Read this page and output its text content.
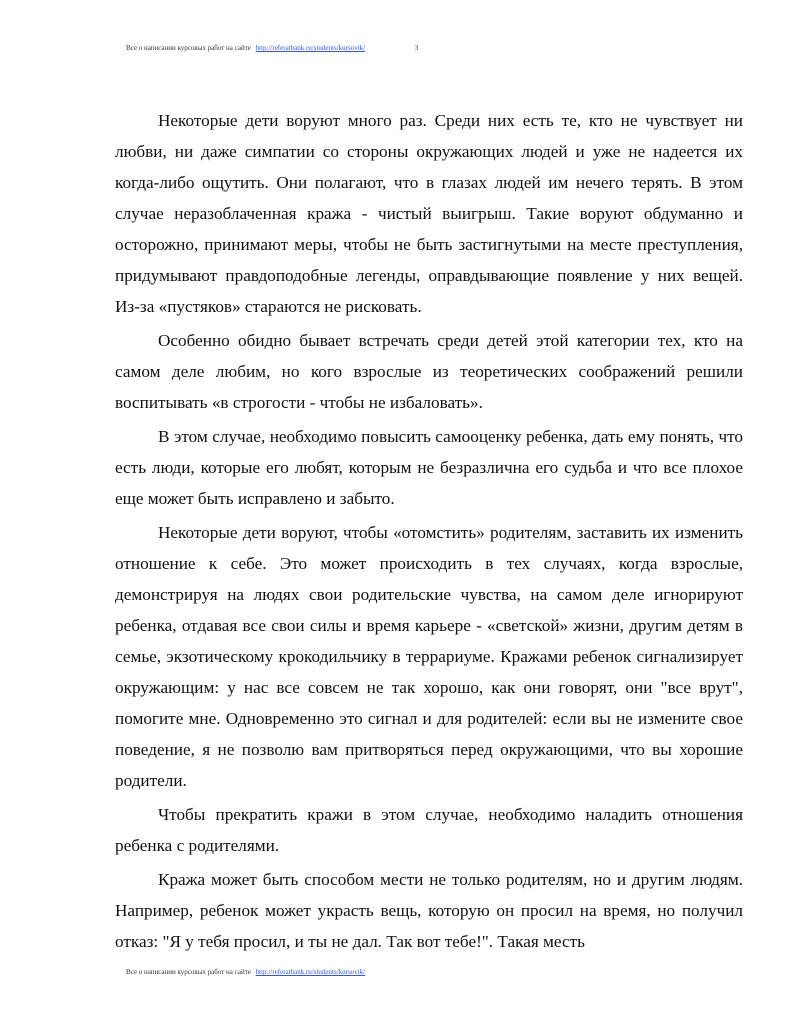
Все о написании курсовых работ на сайте http://referatbank.ru/students/kursovik/	3

Некоторые дети воруют много раз. Среди них есть те, кто не чувствует ни любви, ни даже симпатии со стороны окружающих людей и уже не надеется их когда-либо ощутить. Они полагают, что в глазах людей им нечего терять. В этом случае неразоблаченная кража - чистый выигрыш. Такие воруют обдуманно и осторожно, принимают меры, чтобы не быть застигнутыми на месте преступления, придумывают правдоподобные легенды, оправдывающие появление у них вещей. Из-за «пустяков» стараются не рисковать.

Особенно обидно бывает встречать среди детей этой категории тех, кто на самом деле любим, но кого взрослые из теоретических соображений решили воспитывать «в строгости - чтобы не избаловать».

В этом случае, необходимо повысить самооценку ребенка, дать ему понять, что есть люди, которые его любят, которым не безразлична его судьба и что все плохое еще может быть исправлено и забыто.

Некоторые дети воруют, чтобы «отомстить» родителям, заставить их изменить отношение к себе. Это может происходить в тех случаях, когда взрослые, демонстрируя на людях свои родительские чувства, на самом деле игнорируют ребенка, отдавая все свои силы и время карьере - «светской» жизни, другим детям в семье, экзотическому крокодильчику в террариуме. Кражами ребенок сигнализирует окружающим: у нас все совсем не так хорошо, как они говорят, они "все врут", помогите мне. Одновременно это сигнал и для родителей: если вы не измените свое поведение, я не позволю вам притворяться перед окружающими, что вы хорошие родители.

Чтобы прекратить кражи в этом случае, необходимо наладить отношения ребенка с родителями.

Кража может быть способом мести не только родителям, но и другим людям. Например, ребенок может украсть вещь, которую он просил на время, но получил отказ: "Я у тебя просил, и ты не дал. Так вот тебе!". Такая месть

Все о написании курсовых работ на сайте http://referatbank.ru/students/kursovik/
